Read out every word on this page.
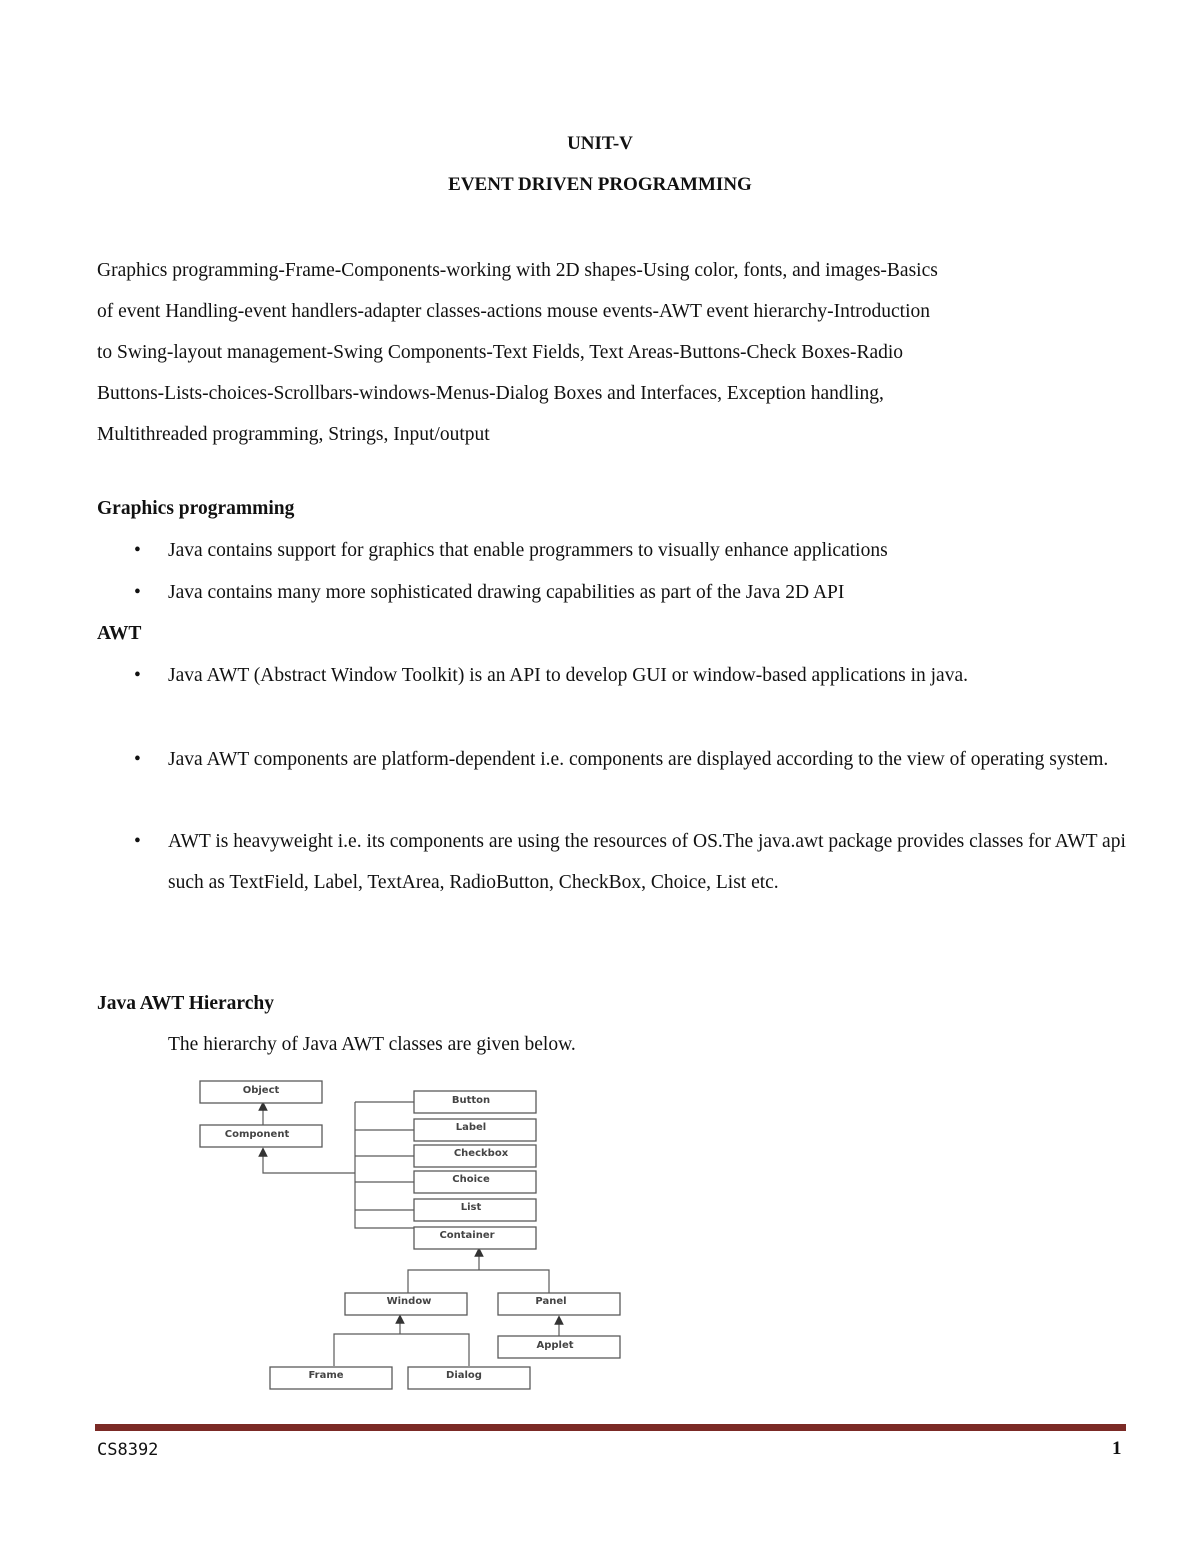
UNIT-V
EVENT DRIVEN PROGRAMMING
Graphics programming-Frame-Components-working with 2D shapes-Using color, fonts, and images-Basics
of event Handling-event handlers-adapter classes-actions mouse events-AWT event hierarchy-Introduction
to Swing-layout management-Swing Components-Text Fields, Text Areas-Buttons-Check Boxes-Radio
Buttons-Lists-choices-Scrollbars-windows-Menus-Dialog Boxes and Interfaces, Exception handling,
Multithreaded programming, Strings, Input/output
Graphics programming
• Java contains support for graphics that enable programmers to visually enhance applications
• Java contains many more sophisticated drawing capabilities as part of the Java 2D API
AWT
• Java AWT (Abstract Window Toolkit) is an API to develop GUI or window-based applications in java.
• Java AWT components are platform-dependent i.e. components are displayed according to the view of operating system.
• AWT is heavyweight i.e. its components are using the resources of OS.The java.awt package provides classes for AWT api such as TextField, Label, TextArea, RadioButton, CheckBox, Choice, List etc.
Java AWT Hierarchy
The hierarchy of Java AWT classes are given below.
Object
Component
Button
Label
Checkbox
Choice
List
Container
Window	Panel
Applet
Frame	Dialog
CS8392	1
